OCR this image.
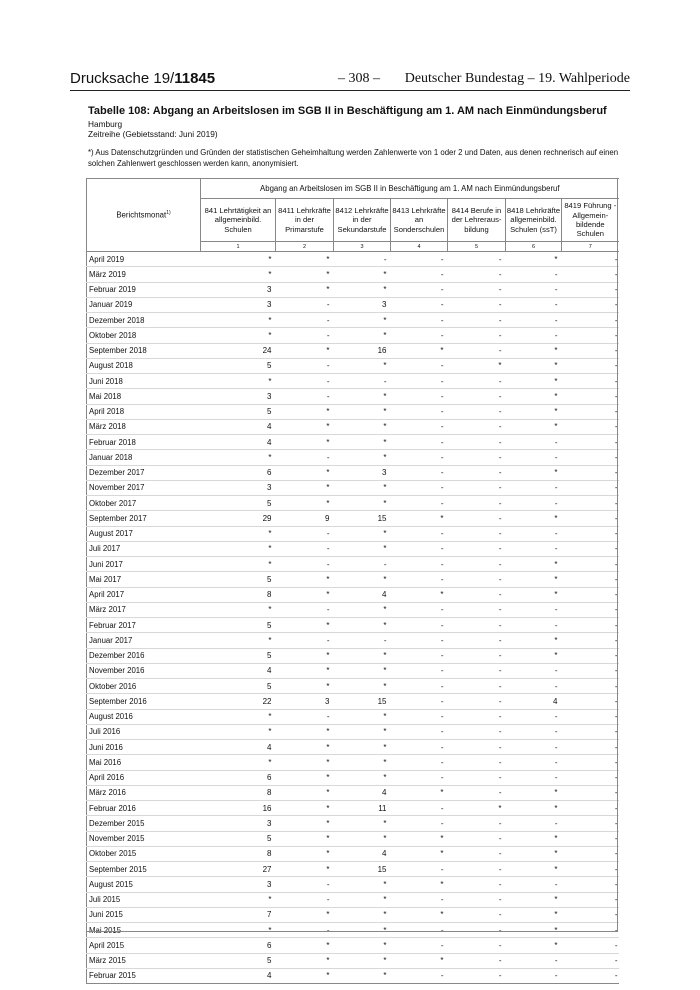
Drucksache 19/11845	– 308 – Deutscher Bundestag – 19. Wahlperiode
Tabelle 108: Abgang an Arbeitslosen im SGB II in Beschäftigung am 1. AM nach Einmündungsberuf
Hamburg
Zeitreihe (Gebietsstand: Juni 2019)
*) Aus Datenschutzgründen und Gründen der statistischen Geheimhaltung werden Zahlenwerte von 1 oder 2 und Daten, aus denen rechnerisch auf einen solchen Zahlenwert geschlossen werden kann, anonymisiert.
Berichtsmonat$^{1)}$	Abgang an Arbeitslosen im SGB II in Beschäftigung am 1. AM nach Einmündungsberuf						
	841 Lehrtätigkeit an allgemeinbild. Schulen	8411 Lehrkräfte in der Primarstufe	8412 Lehrkräfte in der Sekundarstufe	8413 Lehrkräfte an Sonderschulen	8414 Berufe in der Lehreraus-bildung	8418 Lehrkräfte allgemeinbild. Schulen (ssT)	8419 Führung - Allgemein-bildende Schulen
	1	2	3	4	5	6	7
April 2019	*	*	-	-	-	*	-
März 2019	*	*	*	-	-	-	-
Februar 2019	3	*	*	-	-	-	-
Januar 2019	3	-	3	-	-	-	-
Dezember 2018	*	-	*	-	-	-	-
Oktober 2018	*	-	*	-	-	-	-
September 2018	24	*	16	*	-	*	-
August 2018	5	-	*	-	*	*	-
Juni 2018	*	-	-	-	-	*	-
Mai 2018	3	-	*	-	-	*	-
April 2018	5	*	*	-	-	*	-
März 2018	4	*	*	-	-	*	-
Februar 2018	4	*	*	-	-	-	-
Januar 2018	*	-	*	-	-	-	-
Dezember 2017	6	*	3	-	-	*	-
November 2017	3	*	*	-	-	-	-
Oktober 2017	5	*	*	-	-	-	-
September 2017	29	9	15	*	-	*	-
August 2017	*	-	*	-	-	-	-
Juli 2017	*	-	*	-	-	-	-
Juni 2017	*	-	-	-	-	*	-
Mai 2017	5	*	*	-	-	*	-
April 2017	8	*	4	*	-	*	-
März 2017	*	-	*	-	-	-	-
Februar 2017	5	*	*	-	-	-	-
Januar 2017	*	-	-	-	-	*	-
Dezember 2016	5	*	*	-	-	*	-
November 2016	4	*	*	-	-	-	-
Oktober 2016	5	*	*	-	-	-	-
September 2016	22	3	15	-	-	4	-
August 2016	*	-	*	-	-	-	-
Juli 2016	*	*	*	-	-	-	-
Juni 2016	4	*	*	-	-	-	-
Mai 2016	*	*	*	-	-	-	-
April 2016	6	*	*	-	-	-	-
März 2016	8	*	4	*	-	*	-
Februar 2016	16	*	11	-	*	*	-
Dezember 2015	3	*	*	-	-	-	-
November 2015	5	*	*	*	-	*	-
Oktober 2015	8	*	4	*	-	*	-
September 2015	27	*	15	-	-	*	-
August 2015	3	-	*	*	-	-	-
Juli 2015	*	-	*	-	-	*	-
Juni 2015	7	*	*	*	-	*	-
Mai 2015	*	-	*	-	-	*	-
April 2015	6	*	*	-	-	*	-
März 2015	5	*	*	*	-	-	-
Februar 2015	4	*	*	-	-	-	-
